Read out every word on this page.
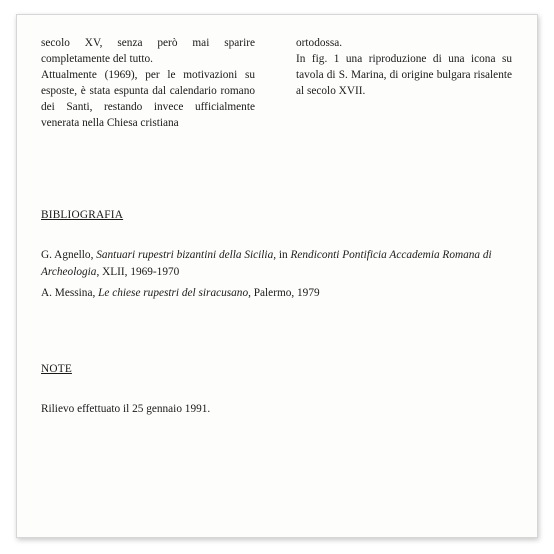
secolo XV, senza però mai sparire completamente del tutto.

Attualmente (1969), per le motivazioni su esposte, è stata espunta dal calendario romano dei Santi, restando invece ufficialmente venerata nella Chiesa cristiana

ortodossa.

In fig. 1 una riproduzione di una icona su tavola di S. Marina, di origine bulgara risalente al secolo XVII.

BIBLIOGRAFIA
G. Agnello, Santuari rupestri bizantini della Sicilia, in Rendiconti Pontificia Accademia Romana di Archeologia, XLII, 1969-1970
A. Messina, Le chiese rupestri del siracusano, Palermo, 1979
NOTE

Rilievo effettuato il 25 gennaio 1991.
